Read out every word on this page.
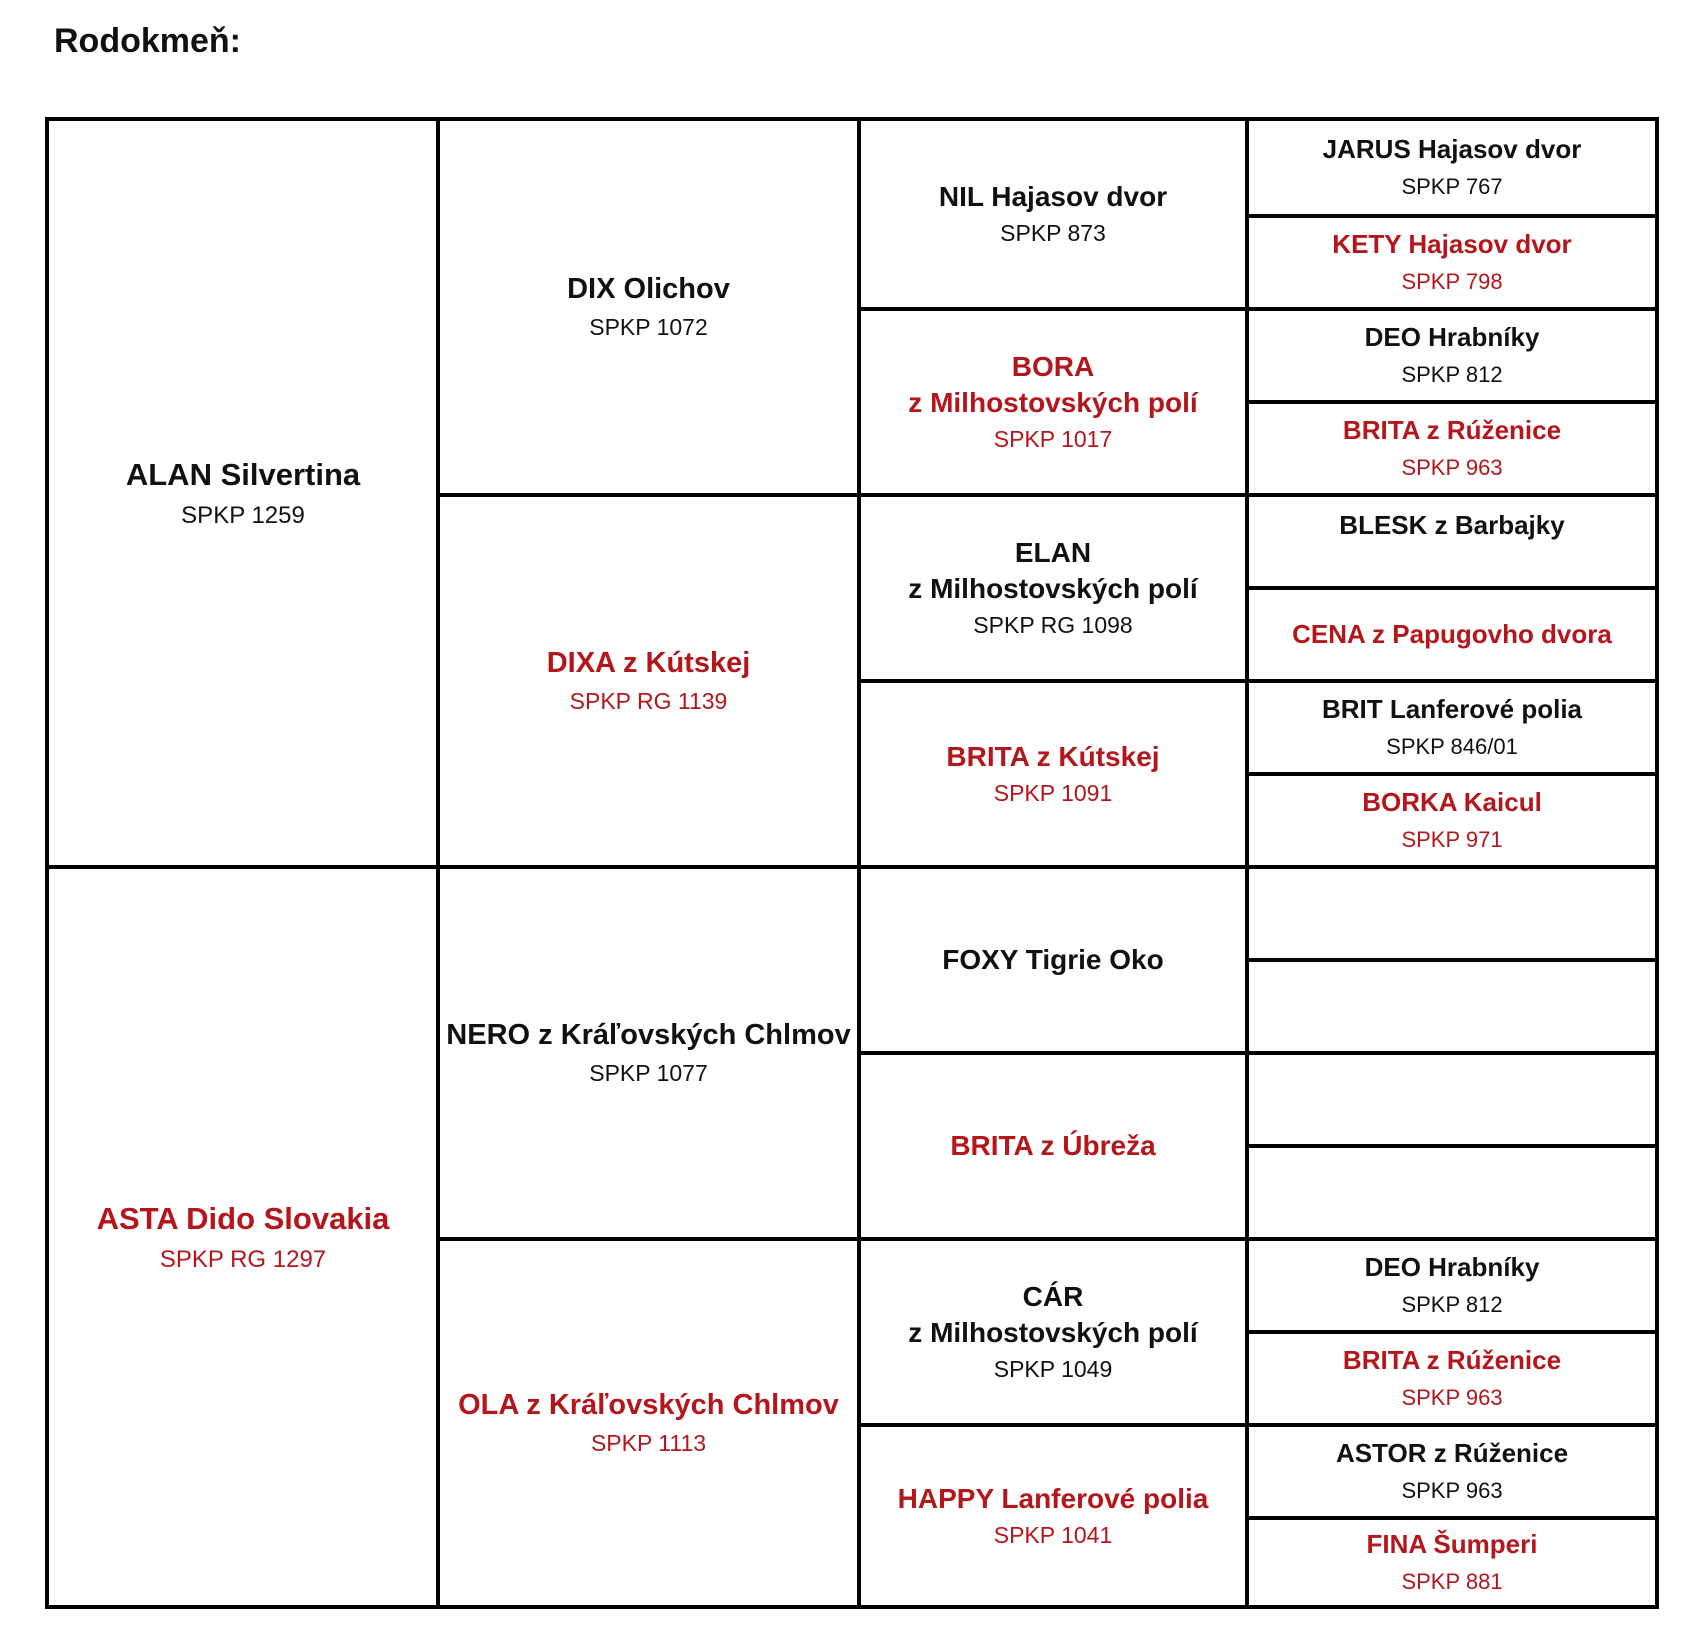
Rodokmeň:
ALAN Silvertina
SPKP 1259
ASTA Dido Slovakia
SPKP RG 1297
DIX Olichov
SPKP 1072
DIXA z Kútskej
SPKP RG 1139
NERO z Kráľovských Chlmov
SPKP 1077
OLA z Kráľovských Chlmov
SPKP 1113
NIL Hajasov dvor
SPKP 873
BORA
z Milhostovských polí
SPKP 1017
ELAN
z Milhostovských polí
SPKP RG 1098
BRITA z Kútskej
SPKP 1091
FOXY Tigrie Oko
BRITA z Úbreža
CÁR
z Milhostovských polí
SPKP 1049
HAPPY Lanferové polia
SPKP 1041
JARUS Hajasov dvor
SPKP 767
KETY Hajasov dvor
SPKP 798
DEO Hrabníky
SPKP 812
BRITA z Rúženice
SPKP 963
BLESK z Barbajky
CENA z Papugovho dvora
BRIT Lanferové polia
SPKP 846/01
BORKA Kaicul
SPKP 971
DEO Hrabníky
SPKP 812
BRITA z Rúženice
SPKP 963
ASTOR z Rúženice
SPKP 963
FINA Šumperi
SPKP 881
